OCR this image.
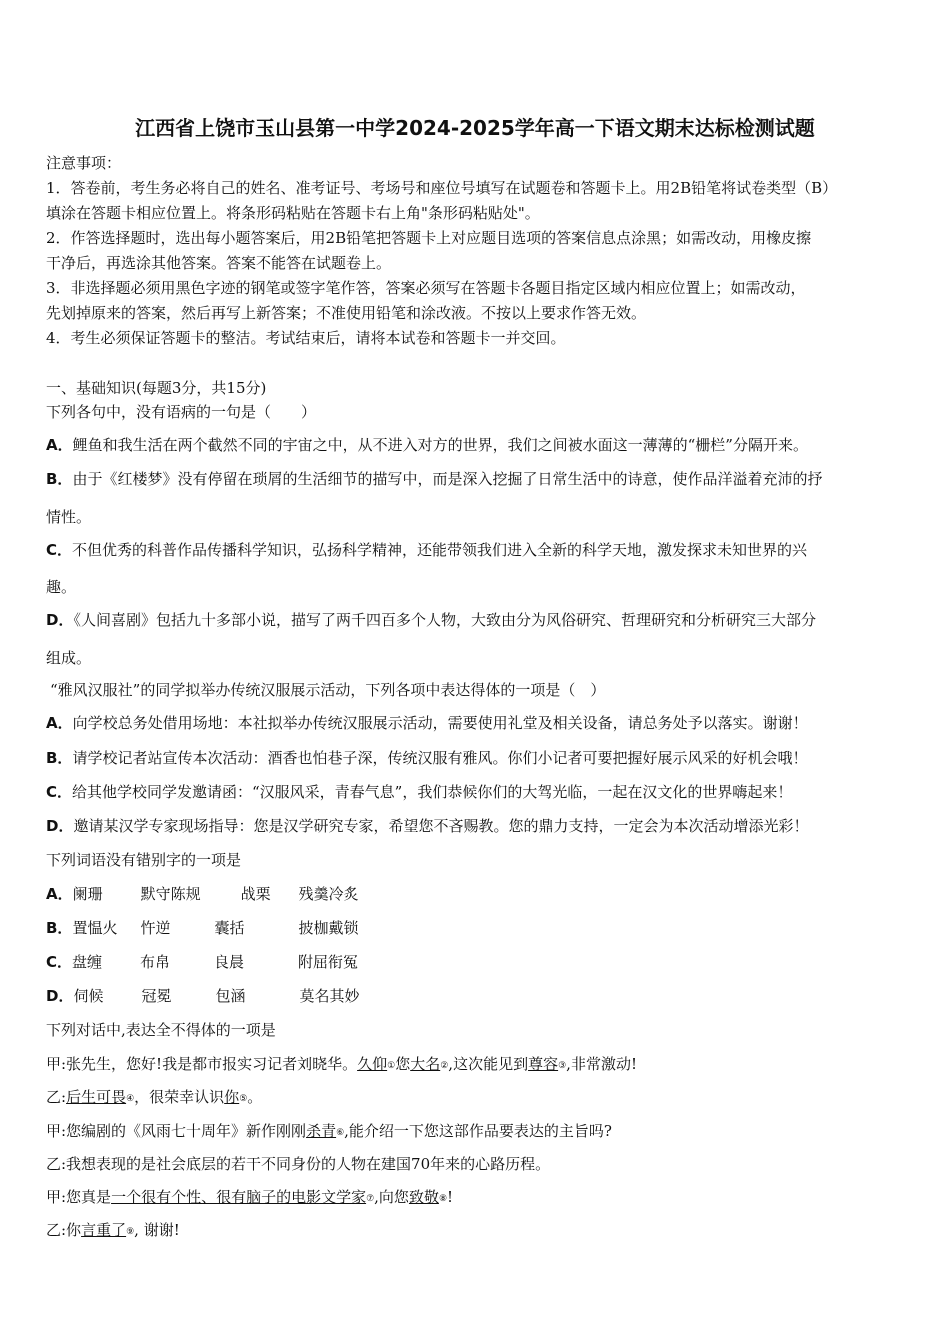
江西省上饶市玉山县第一中学2024-2025学年高一下语文期末达标检测试题
注意事项：
1．答卷前，考生务必将自己的姓名、准考证号、考场号和座位号填写在试题卷和答题卡上。用2B铅笔将试卷类型（B）
填涂在答题卡相应位置上。将条形码粘贴在答题卡右上角"条形码粘贴处"。
2．作答选择题时，选出每小题答案后，用2B铅笔把答题卡上对应题目选项的答案信息点涂黑；如需改动，用橡皮擦
干净后，再选涂其他答案。答案不能答在试题卷上。
3．非选择题必须用黑色字迹的钢笔或签字笔作答，答案必须写在答题卡各题目指定区域内相应位置上；如需改动，
先划掉原来的答案，然后再写上新答案；不准使用铅笔和涂改液。不按以上要求作答无效。
4．考生必须保证答题卡的整洁。考试结束后，请将本试卷和答题卡一并交回。
一、基础知识(每题3分，共15分)
下列各句中，没有语病的一句是（　　）
A．鲤鱼和我生活在两个截然不同的宇宙之中，从不进入对方的世界，我们之间被水面这一薄薄的“栅栏”分隔开来。
B．由于《红楼梦》没有停留在琐屑的生活细节的描写中，而是深入挖掘了日常生活中的诗意，使作品洋溢着充沛的抒
情性。
C．不但优秀的科普作品传播科学知识，弘扬科学精神，还能带领我们进入全新的科学天地，激发探求未知世界的兴
趣。
D．《人间喜剧》包括九十多部小说，描写了两千四百多个人物，大致由分为风俗研究、哲理研究和分析研究三大部分
组成。
“雅风汉服社”的同学拟举办传统汉服展示活动，下列各项中表达得体的一项是（　）
A．向学校总务处借用场地：本社拟举办传统汉服展示活动，需要使用礼堂及相关设备，请总务处予以落实。谢谢！
B．请学校记者站宣传本次活动：酒香也怕巷子深，传统汉服有雅风。你们小记者可要把握好展示风采的好机会哦！
C．给其他学校同学发邀请函：“汉服风采，青春气息”，我们恭候你们的大驾光临，一起在汉文化的世界嗨起来！
D．邀请某汉学专家现场指导：您是汉学研究专家，希望您不吝赐教。您的鼎力支持，一定会为本次活动增添光彩！
下列词语没有错别字的一项是
A．阑珊	默守陈规	战栗 残羹冷炙
B．置愠火 忤逆	囊括	披枷戴锁
C．盘缠	布帛	良晨	附屈衔冤
D．伺候	冠冕	包涵	莫名其妙
下列对话中,表达全不得体的一项是
甲:张先生，您好!我是都市报实习记者刘晓华。久仰①您大名②,这次能见到尊容③,非常激动!
乙:后生可畏④，很荣幸认识你⑤。
甲:您编剧的《风雨七十周年》新作刚刚杀青⑥,能介绍一下您这部作品要表达的主旨吗?
乙:我想表现的是社会底层的若干不同身份的人物在建国70年来的心路历程。
甲:您真是一个很有个性、很有脑子的电影文学家⑦,向您致敬⑧!
乙:你言重了⑨, 谢谢!
